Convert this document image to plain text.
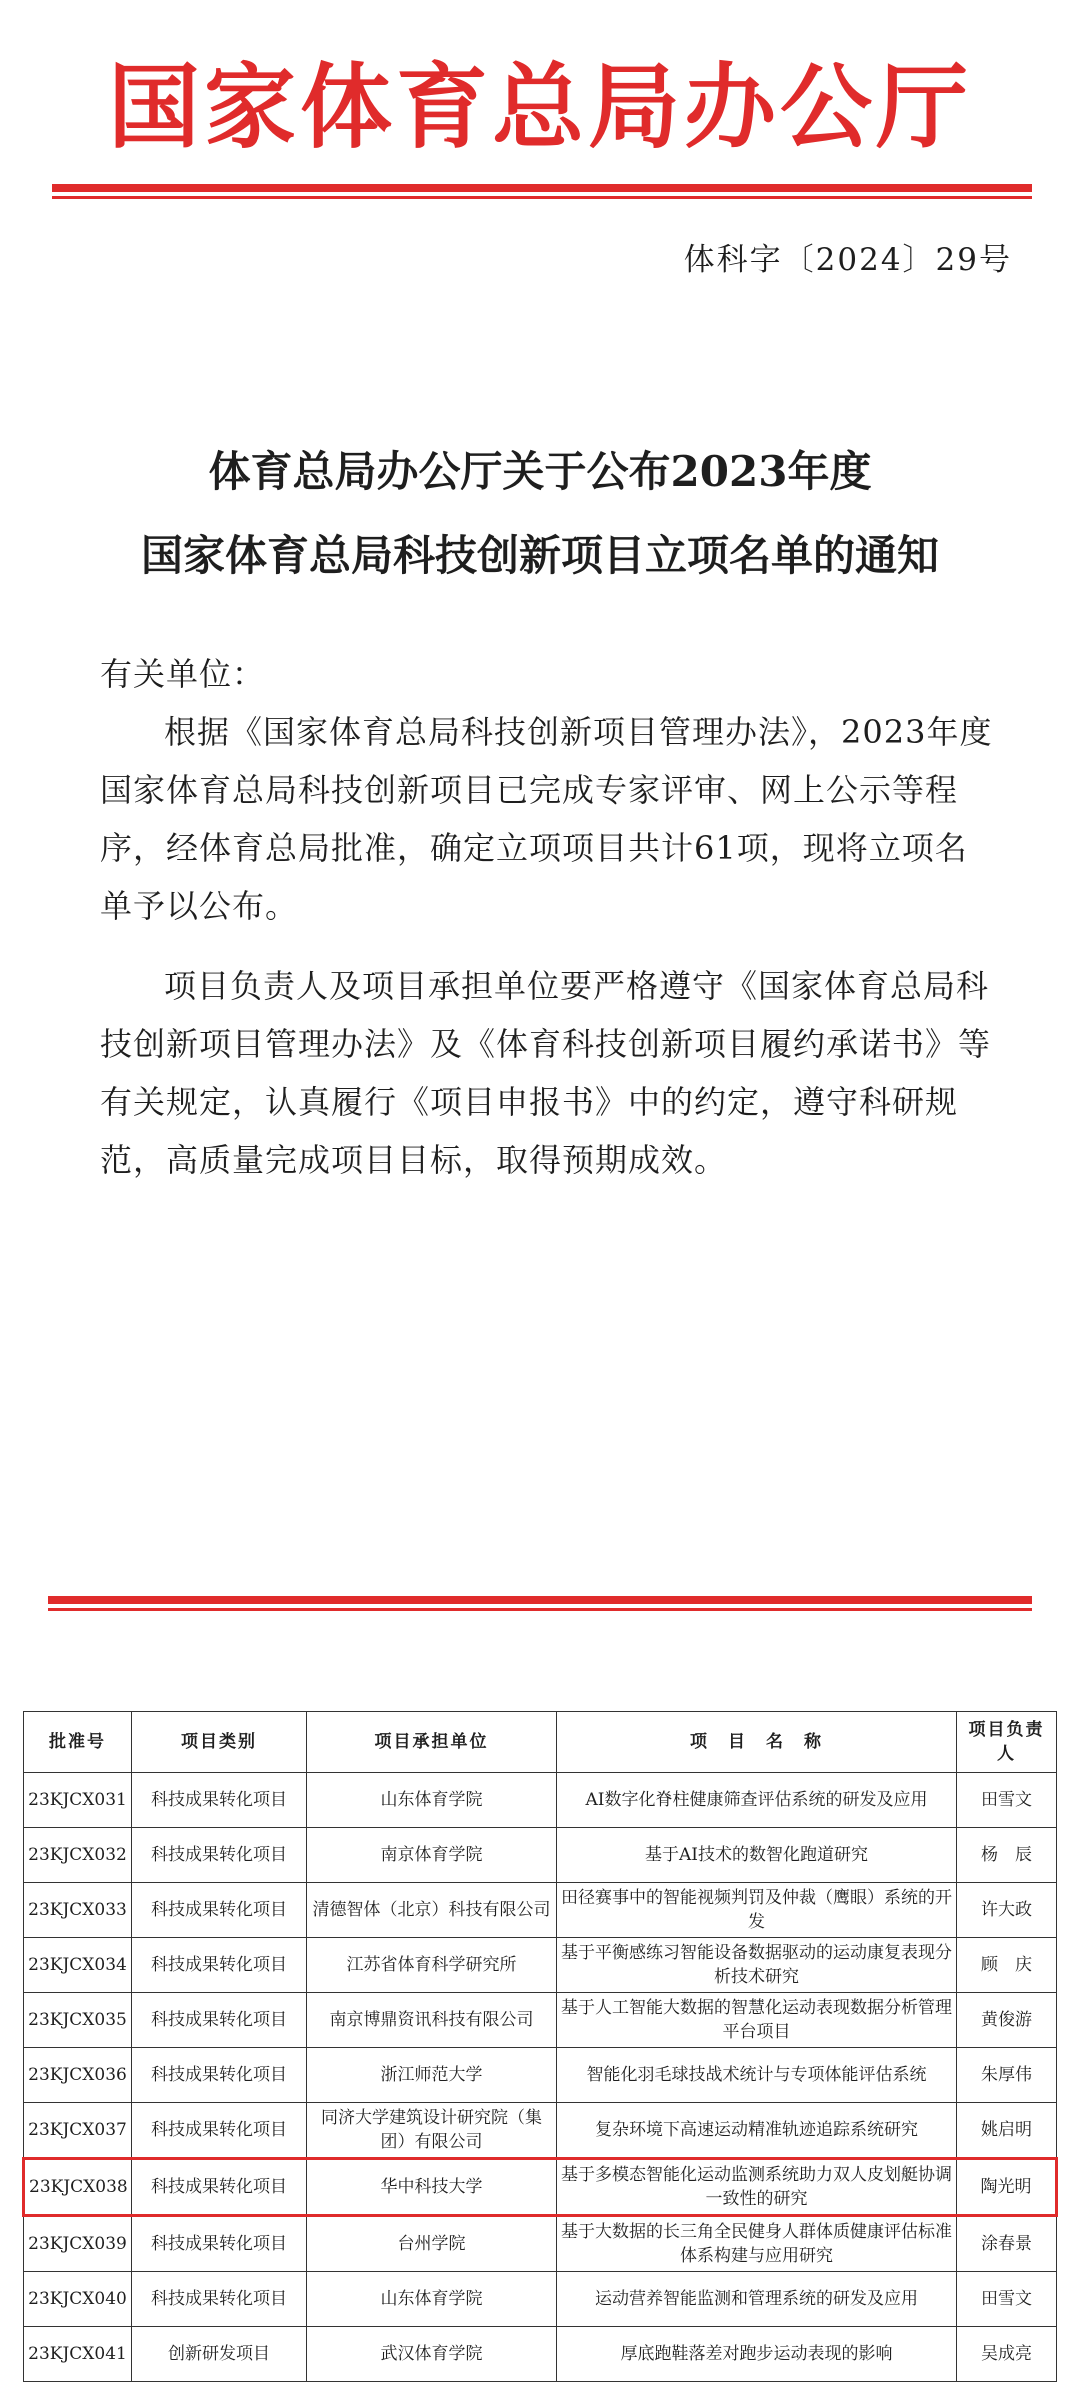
国家体育总局办公厅
体科字〔2024〕29号
体育总局办公厅关于公布2023年度
国家体育总局科技创新项目立项名单的通知

有关单位：

根据《国家体育总局科技创新项目管理办法》，2023年度国家体育总局科技创新项目已完成专家评审、网上公示等程序，经体育总局批准，确定立项项目共计61项，现将立项名单予以公布。

项目负责人及项目承担单位要严格遵守《国家体育总局科技创新项目管理办法》及《体育科技创新项目履约承诺书》等有关规定，认真履行《项目申报书》中的约定，遵守科研规范，高质量完成项目目标，取得预期成效。

批准号	项目类别	项目承担单位	项　目　名　称	项目负责人
23KJCX031	科技成果转化项目	山东体育学院	AI数字化脊柱健康筛查评估系统的研发及应用	田雪文
23KJCX032	科技成果转化项目	南京体育学院	基于AI技术的数智化跑道研究	杨　辰
23KJCX033	科技成果转化项目	清德智体（北京）科技有限公司	田径赛事中的智能视频判罚及仲裁（鹰眼）系统的开发	许大政
23KJCX034	科技成果转化项目	江苏省体育科学研究所	基于平衡感练习智能设备数据驱动的运动康复表现分析技术研究	顾　庆
23KJCX035	科技成果转化项目	南京博鼎资讯科技有限公司	基于人工智能大数据的智慧化运动表现数据分析管理平台项目	黄俊游
23KJCX036	科技成果转化项目	浙江师范大学	智能化羽毛球技战术统计与专项体能评估系统	朱厚伟
23KJCX037	科技成果转化项目	同济大学建筑设计研究院（集团）有限公司	复杂环境下高速运动精准轨迹追踪系统研究	姚启明
23KJCX038	科技成果转化项目	华中科技大学	基于多模态智能化运动监测系统助力双人皮划艇协调一致性的研究	陶光明
23KJCX039	科技成果转化项目	台州学院	基于大数据的长三角全民健身人群体质健康评估标准体系构建与应用研究	涂春景
23KJCX040	科技成果转化项目	山东体育学院	运动营养智能监测和管理系统的研发及应用	田雪文
23KJCX041	创新研发项目	武汉体育学院	厚底跑鞋落差对跑步运动表现的影响	吴成亮
